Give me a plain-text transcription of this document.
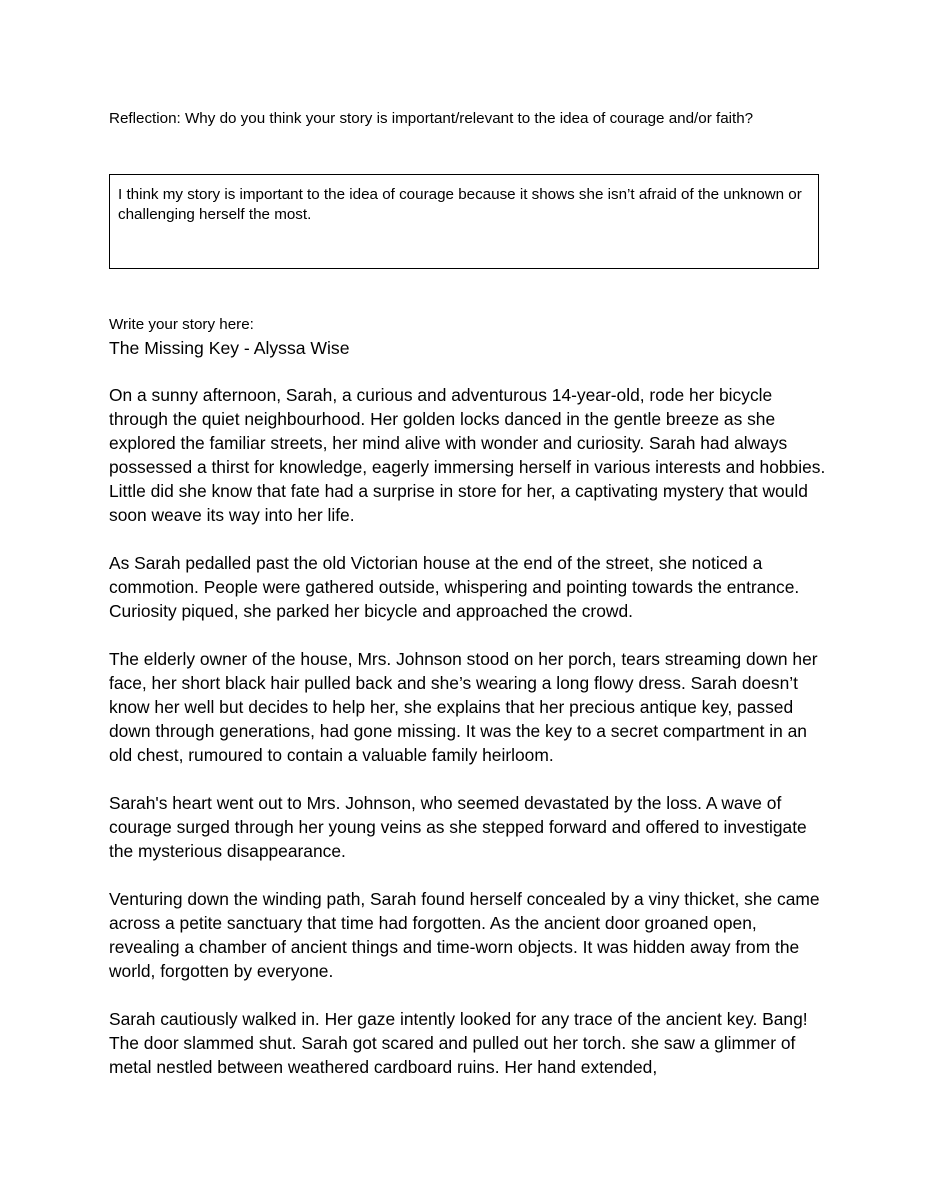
Reflection: Why do you think your story is important/relevant to the idea of courage and/or faith?
I think my story is important to the idea of courage because it shows she isn’t afraid of the unknown or challenging herself the most.
Write your story here:
The Missing Key - Alyssa Wise

On a sunny afternoon, Sarah, a curious and adventurous 14-year-old, rode her bicycle through the quiet neighbourhood. Her golden locks danced in the gentle breeze as she explored the familiar streets, her mind alive with wonder and curiosity. Sarah had always possessed a thirst for knowledge, eagerly immersing herself in various interests and hobbies. Little did she know that fate had a surprise in store for her, a captivating mystery that would soon weave its way into her life.

As Sarah pedalled past the old Victorian house at the end of the street, she noticed a commotion. People were gathered outside, whispering and pointing towards the entrance. Curiosity piqued, she parked her bicycle and approached the crowd.

The elderly owner of the house, Mrs. Johnson stood on her porch, tears streaming down her face, her short black hair pulled back and she’s wearing a long flowy dress. Sarah doesn’t know her well but decides to help her, she explains that her precious antique key, passed down through generations, had gone missing. It was the key to a secret compartment in an old chest, rumoured to contain a valuable family heirloom.

Sarah's heart went out to Mrs. Johnson, who seemed devastated by the loss. A wave of courage surged through her young veins as she stepped forward and offered to investigate the mysterious disappearance.

Venturing down the winding path, Sarah found herself concealed by a viny thicket, she came across a petite sanctuary that time had forgotten. As the ancient door groaned open, revealing a chamber of ancient things and time-worn objects. It was hidden away from the world, forgotten by everyone.

Sarah cautiously walked in. Her gaze intently looked for any trace of the ancient key. Bang! The door slammed shut. Sarah got scared and pulled out her torch. she saw a glimmer of metal nestled between weathered cardboard ruins. Her hand extended,
